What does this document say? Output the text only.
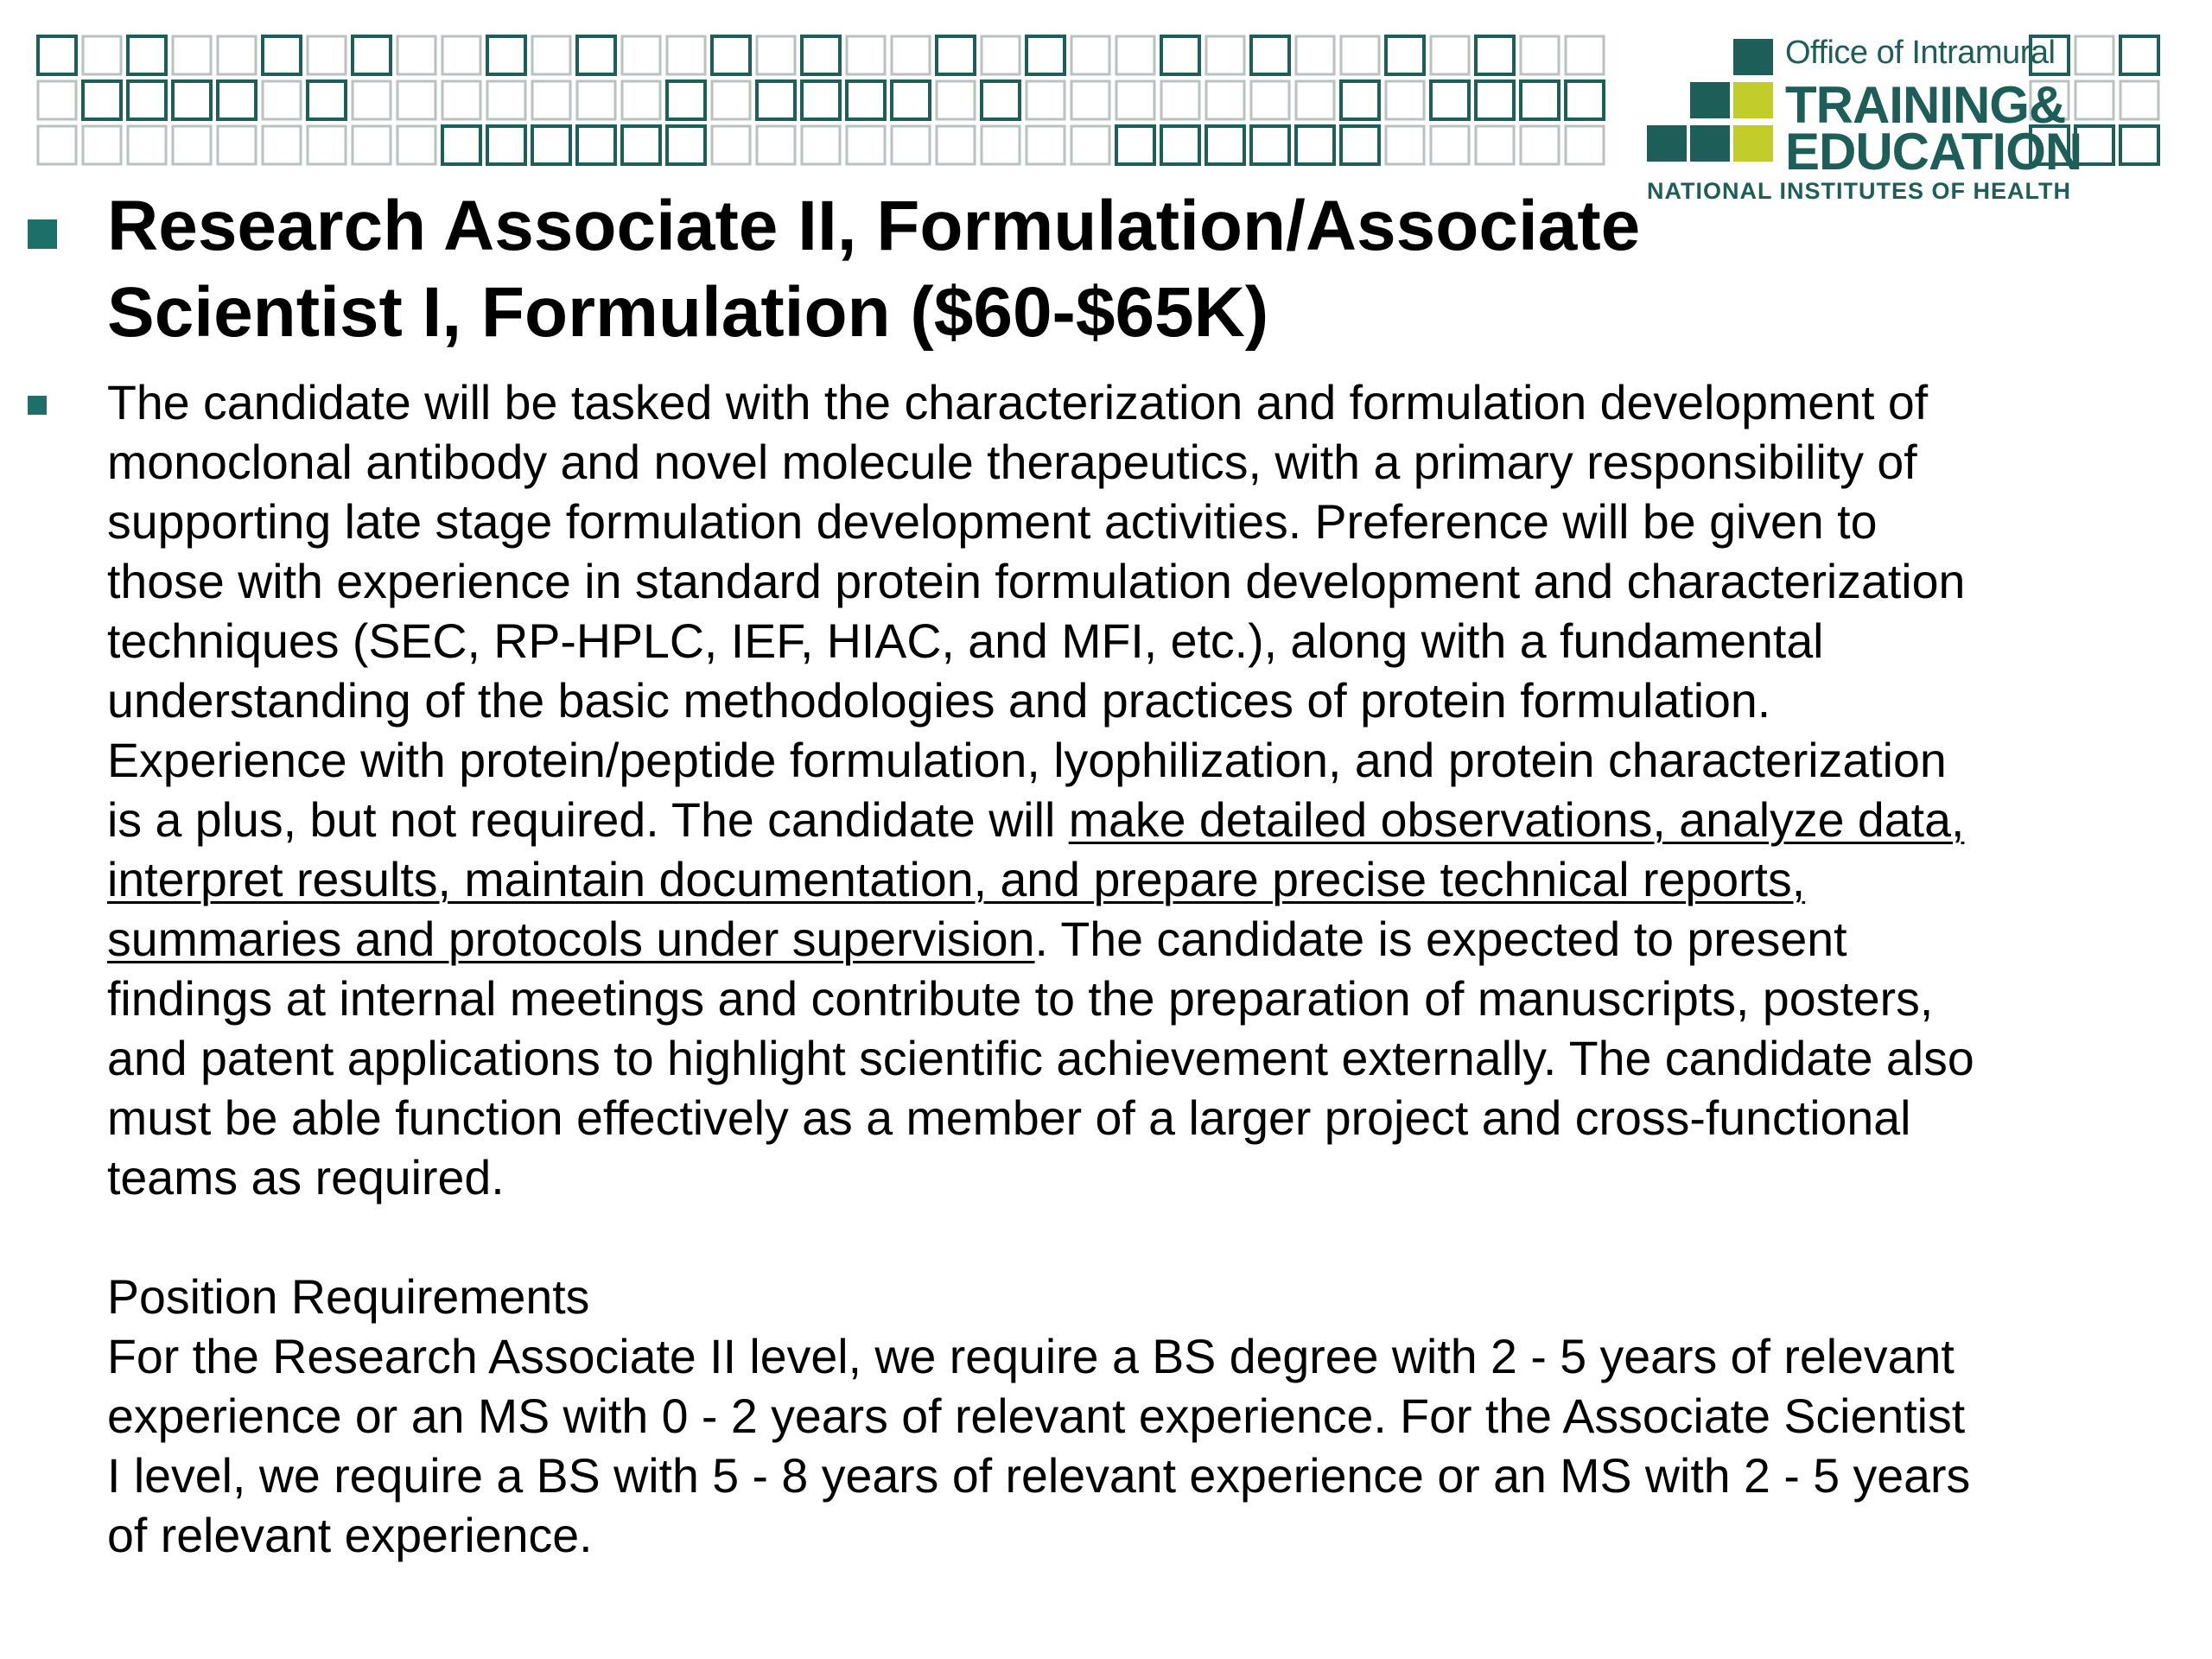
Office of Intramural
TRAINING&
EDUCATION
NATIONAL INSTITUTES OF HEALTH
Research Associate II, Formulation/Associate Scientist I, Formulation ($60-$65K)

The candidate will be tasked with the characterization and formulation development of monoclonal antibody and novel molecule therapeutics, with a primary responsibility of supporting late stage formulation development activities. Preference will be given to those with experience in standard protein formulation development and characterization techniques (SEC, RP-HPLC, IEF, HIAC, and MFI, etc.), along with a fundamental understanding of the basic methodologies and practices of protein formulation. Experience with protein/peptide formulation, lyophilization, and protein characterization is a plus, but not required. The candidate will make detailed observations, analyze data, interpret results, maintain documentation, and prepare precise technical reports, summaries and protocols under supervision. The candidate is expected to present findings at internal meetings and contribute to the preparation of manuscripts, posters, and patent applications to highlight scientific achievement externally. The candidate also must be able function effectively as a member of a larger project and cross-functional teams as required.
Position Requirements
For the Research Associate II level, we require a BS degree with 2 - 5 years of relevant experience or an MS with 0 - 2 years of relevant experience. For the Associate Scientist I level, we require a BS with 5 - 8 years of relevant experience or an MS with 2 - 5 years of relevant experience.
